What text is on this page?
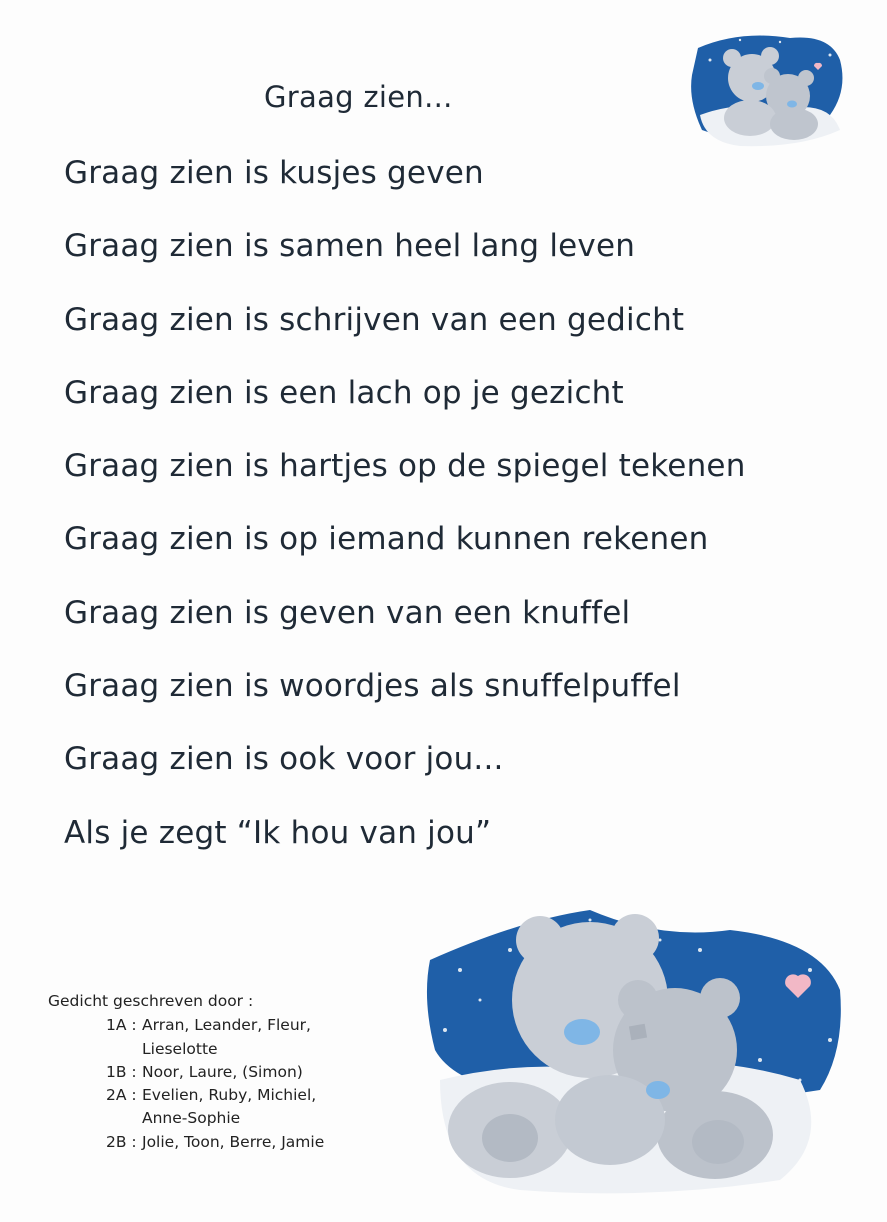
Graag zien...
Graag zien is kusjes geven
Graag zien is samen heel lang leven
Graag zien is schrijven van een gedicht
Graag zien is een lach op je gezicht
Graag zien is hartjes op de spiegel tekenen
Graag zien is op iemand kunnen rekenen
Graag zien is geven van een knuffel
Graag zien is woordjes als snuffelpuffel
Graag zien is ook voor jou...
Als je zegt “Ik hou van jou”
Gedicht geschreven door :
1A : Arran, Leander, Fleur, Lieselotte
1B : Noor, Laure, (Simon)
2A : Evelien, Ruby, Michiel, Anne-Sophie
2B : Jolie, Toon, Berre, Jamie
